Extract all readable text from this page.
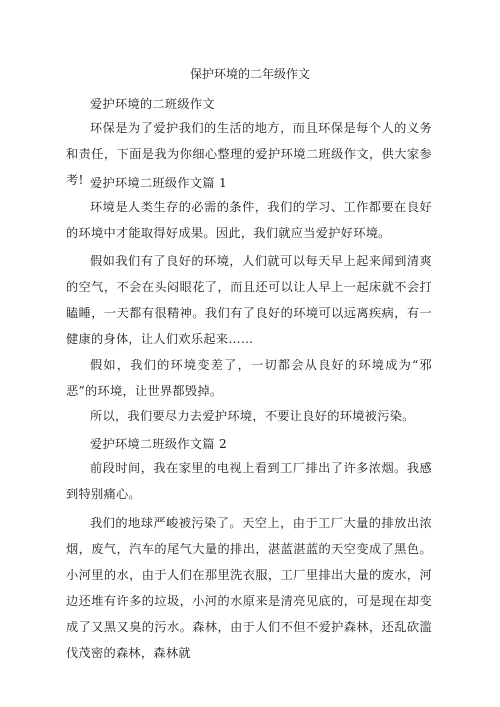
保护环境的二年级作文

爱护环境的二班级作文

环保是为了爱护我们的生活的地方，而且环保是每个人的义务和责任，下面是我为你细心整理的爱护环境二班级作文，供大家参考! 爱护环境二班级作文篇 1

环境是人类生存的必需的条件，我们的学习、工作都要在良好的环境中才能取得好成果。因此，我们就应当爱护好环境。

假如我们有了良好的环境，人们就可以每天早上起来闻到清爽的空气，不会在头闷眼花了，而且还可以让人早上一起床就不会打瞌睡，一天都有很精神。我们有了良好的环境可以远离疾病，有一健康的身体，让人们欢乐起来……

假如，我们的环境变差了，一切都会从良好的环境成为“邪恶”的环境，让世界都毁掉。

所以，我们要尽力去爱护环境，不要让良好的环境被污染。

爱护环境二班级作文篇 2

前段时间，我在家里的电视上看到工厂排出了许多浓烟。我感到特别痛心。

我们的地球严峻被污染了。天空上，由于工厂大量的排放出浓烟，废气，汽车的尾气大量的排出，湛蓝湛蓝的天空变成了黑色。小河里的水，由于人们在那里洗衣服，工厂里排出大量的废水，河边还堆有许多的垃圾，小河的水原来是清亮见底的，可是现在却变成了又黑又臭的污水。森林，由于人们不但不爱护森林，还乱砍滥伐茂密的森林，森林就
